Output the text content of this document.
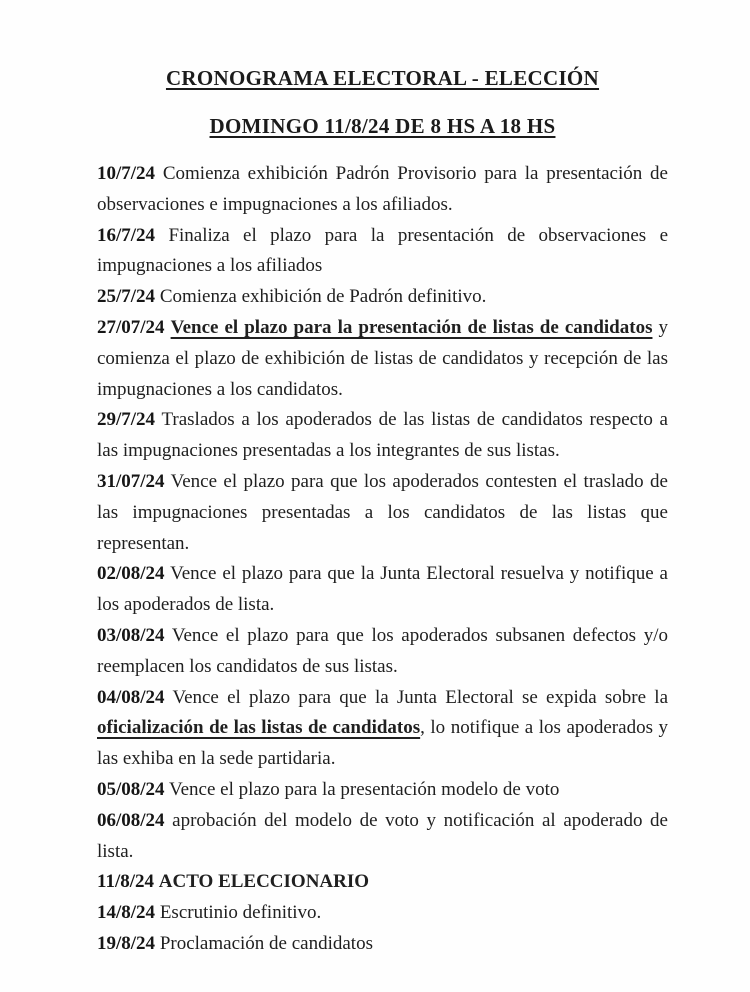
CRONOGRAMA ELECTORAL - ELECCIÓN
DOMINGO 11/8/24 DE 8 HS A 18 HS

10/7/24 Comienza exhibición Padrón Provisorio para la presentación de observaciones e impugnaciones a los afiliados.

16/7/24 Finaliza el plazo para la presentación de observaciones e impugnaciones a los afiliados

25/7/24 Comienza exhibición de Padrón definitivo.

27/07/24 Vence el plazo para la presentación de listas de candidatos y comienza el plazo de exhibición de listas de candidatos y recepción de las impugnaciones a los candidatos.

29/7/24 Traslados a los apoderados de las listas de candidatos respecto a las impugnaciones presentadas a los integrantes de sus listas.

31/07/24 Vence el plazo para que los apoderados contesten el traslado de las impugnaciones presentadas a los candidatos de las listas que representan.

02/08/24 Vence el plazo para que la Junta Electoral resuelva y notifique a los apoderados de lista.

03/08/24 Vence el plazo para que los apoderados subsanen defectos y/o reemplacen los candidatos de sus listas.

04/08/24 Vence el plazo para que la Junta Electoral se expida sobre la oficialización de las listas de candidatos, lo notifique a los apoderados y las exhiba en la sede partidaria.

05/08/24 Vence el plazo para la presentación modelo de voto

06/08/24 aprobación del modelo de voto y notificación al apoderado de lista.

11/8/24 ACTO ELECCIONARIO

14/8/24 Escrutinio definitivo.

19/8/24 Proclamación de candidatos
